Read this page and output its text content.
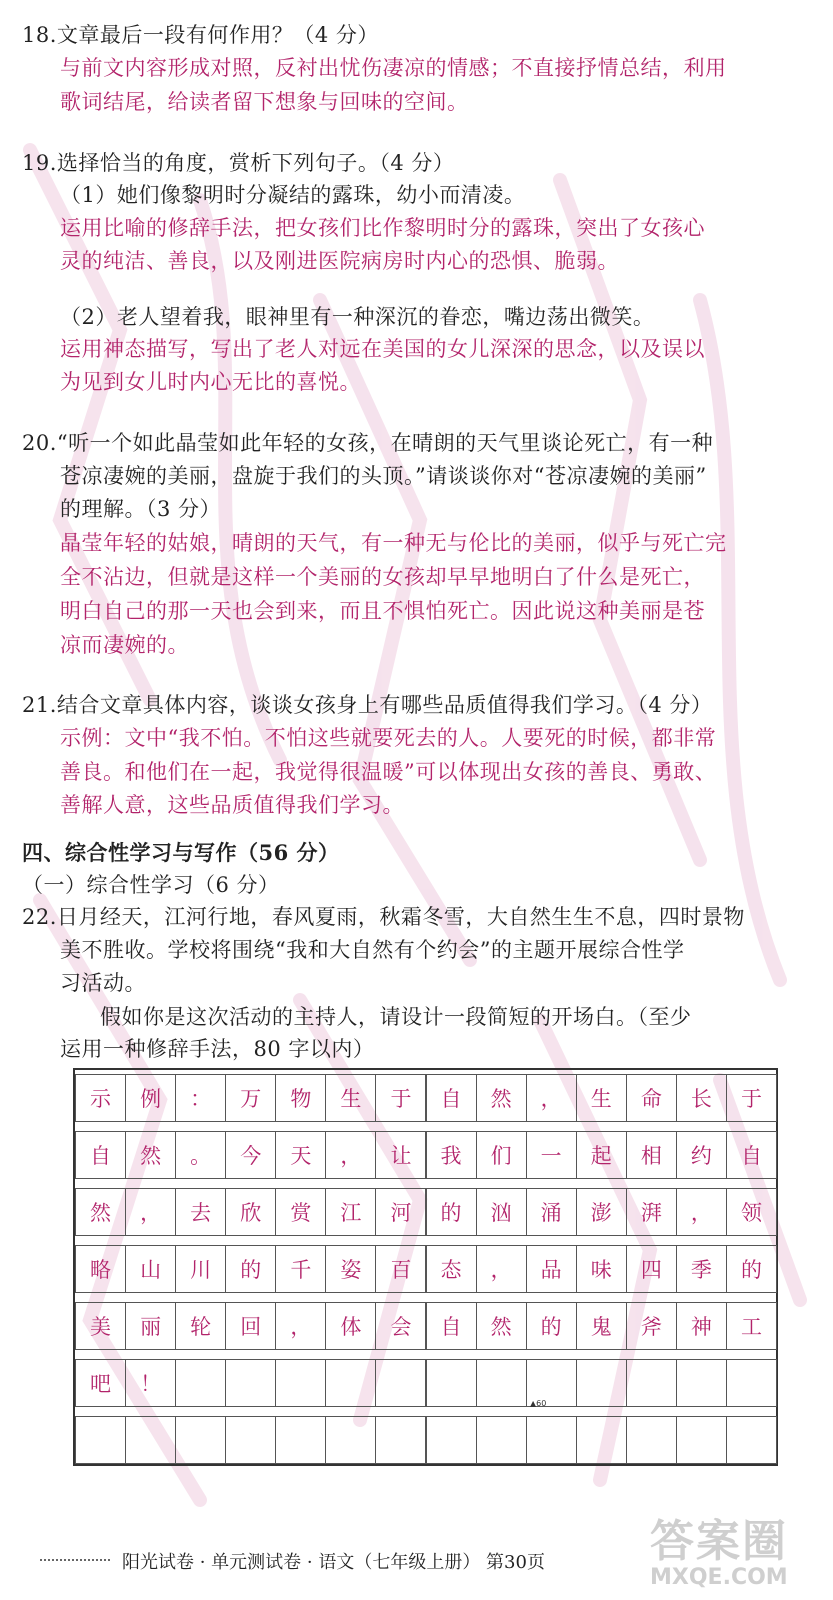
18.文章最后一段有何作用？（4 分）
与前文内容形成对照，反衬出忧伤凄凉的情感；不直接抒情总结，利用
歌词结尾，给读者留下想象与回味的空间。
19.选择恰当的角度，赏析下列句子。（4 分）
（1）她们像黎明时分凝结的露珠，幼小而清凌。
运用比喻的修辞手法，把女孩们比作黎明时分的露珠，突出了女孩心
灵的纯洁、善良，以及刚进医院病房时内心的恐惧、脆弱。
（2）老人望着我，眼神里有一种深沉的眷恋，嘴边荡出微笑。
运用神态描写，写出了老人对远在美国的女儿深深的思念，以及误以
为见到女儿时内心无比的喜悦。
20.“听一个如此晶莹如此年轻的女孩，在晴朗的天气里谈论死亡，有一种
苍凉凄婉的美丽，盘旋于我们的头顶。”请谈谈你对“苍凉凄婉的美丽”
的理解。（3 分）
晶莹年轻的姑娘，晴朗的天气，有一种无与伦比的美丽，似乎与死亡完
全不沾边，但就是这样一个美丽的女孩却早早地明白了什么是死亡，
明白自己的那一天也会到来，而且不惧怕死亡。因此说这种美丽是苍
凉而凄婉的。
21.结合文章具体内容，谈谈女孩身上有哪些品质值得我们学习。（4 分）
示例：文中“我不怕。不怕这些就要死去的人。人要死的时候，都非常
善良。和他们在一起，我觉得很温暖”可以体现出女孩的善良、勇敢、
善解人意，这些品质值得我们学习。
四、综合性学习与写作（56 分）
（一）综合性学习（6 分）
22.日月经天，江河行地，春风夏雨，秋霜冬雪，大自然生生不息，四时景物
美不胜收。学校将围绕“我和大自然有个约会”的主题开展综合性学
习活动。
假如你是这次活动的主持人，请设计一段简短的开场白。（至少
运用一种修辞手法，80 字以内）
示	例	：	万	物	生	于	自	然	，	生	命	长	于
自	然	。	今	天	，	让	我	们	一	起	相	约	自
然	，	去	欣	赏	江	河	的	汹	涌	澎	湃	，	领
略	山	川	的	千	姿	百	态	，	品	味	四	季	的
美	丽	轮	回	，	体	会	自	然	的	鬼	斧	神	工
吧	！
▲60
答案圈
MXQE.COM
阳光试卷 · 单元测试卷 · 语文（七年级上册） 第30页
